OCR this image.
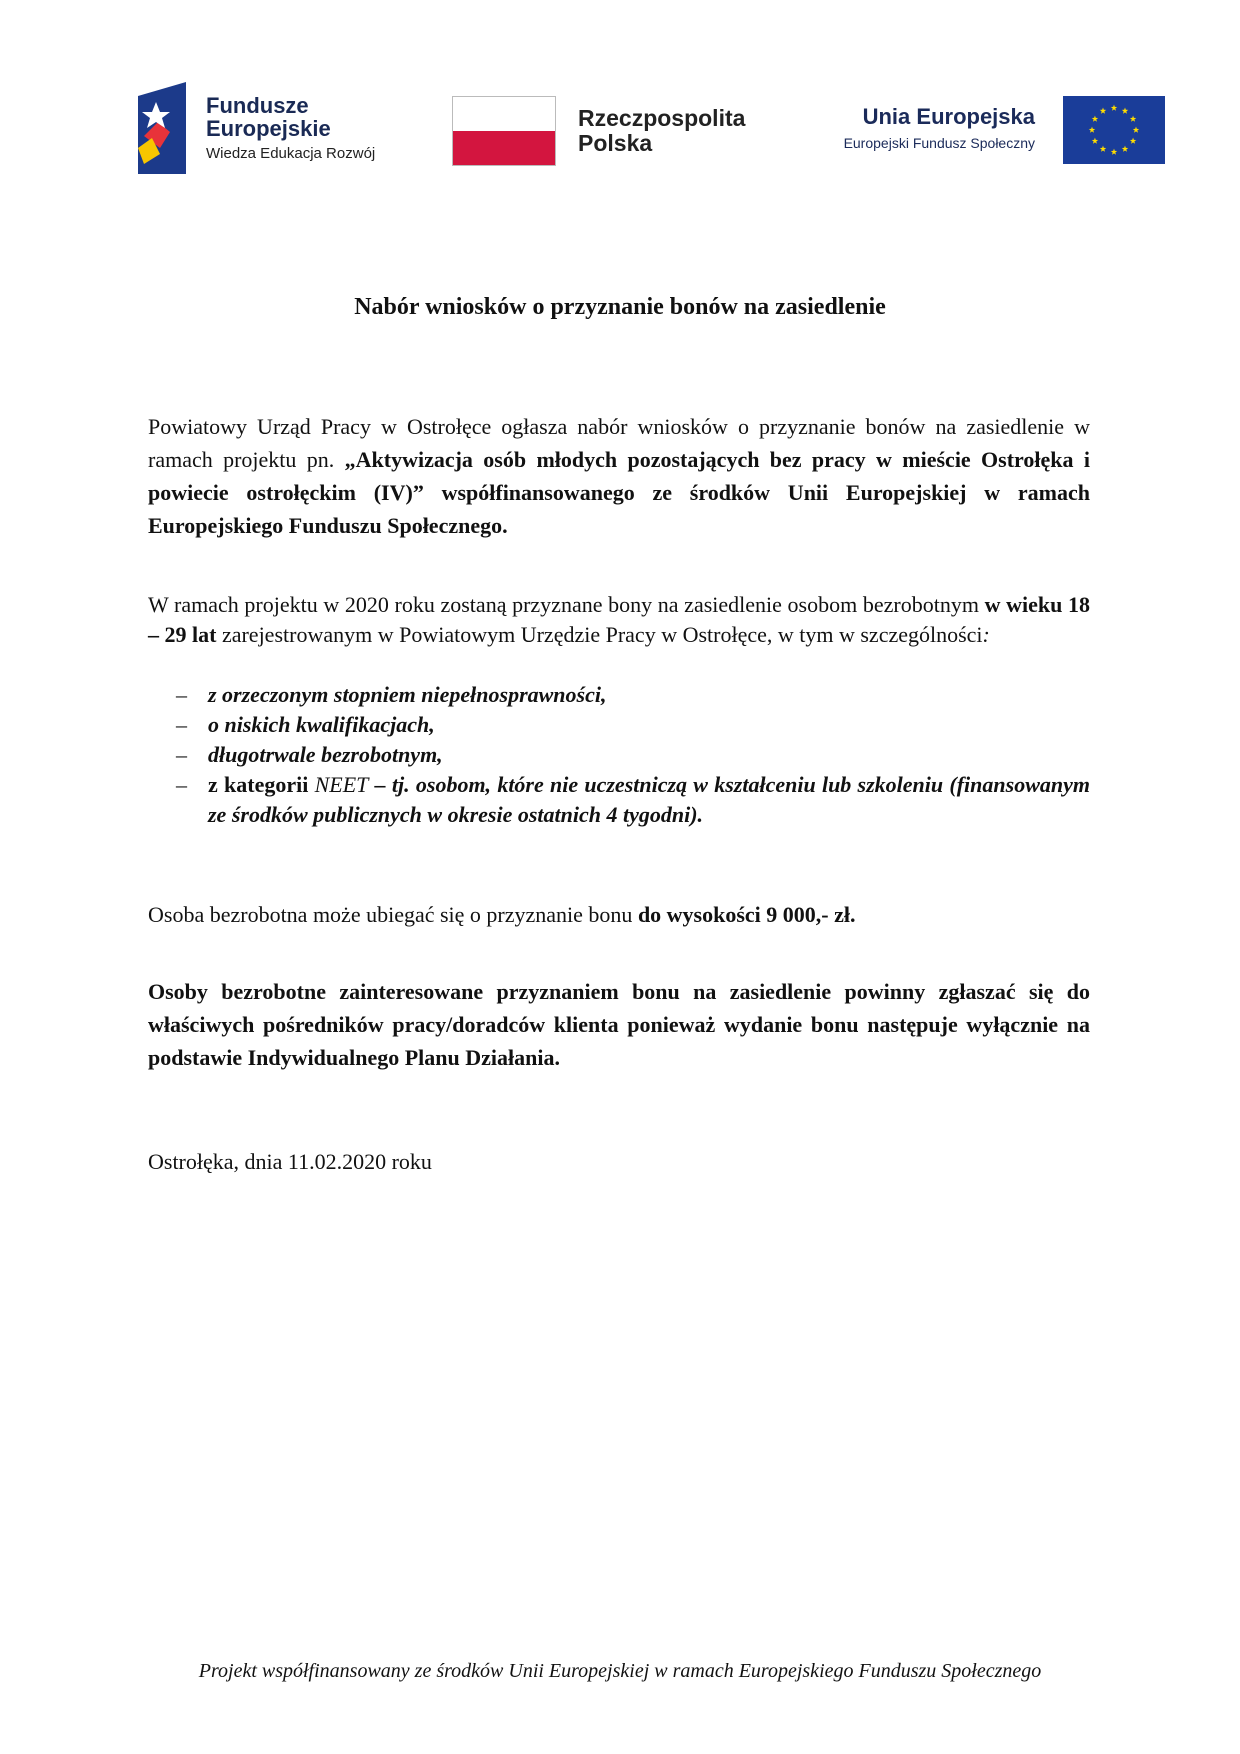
Fundusze
Europejskie
Wiedza Edukacja Rozwój
Rzeczpospolita
Polska
Unia Europejska
Europejski Fundusz Społeczny
Nabór wniosków o przyznanie bonów na zasiedlenie

Powiatowy Urząd Pracy w Ostrołęce ogłasza nabór wniosków o przyznanie bonów na zasiedlenie w ramach projektu pn. „Aktywizacja osób młodych pozostających bez pracy w mieście Ostrołęka i powiecie ostrołęckim (IV)” współfinansowanego ze środków Unii Europejskiej w ramach Europejskiego Funduszu Społecznego.

W ramach projektu w 2020 roku zostaną przyznane bony na zasiedlenie osobom bezrobotnym w wieku 18 – 29 lat zarejestrowanym w Powiatowym Urzędzie Pracy w Ostrołęce, w tym w szczególności:

– z orzeczonym stopniem niepełnosprawności,
– o niskich kwalifikacjach,
– długotrwale bezrobotnym,
– z kategorii NEET – tj. osobom, które nie uczestniczą w kształceniu lub szkoleniu (finansowanym ze środków publicznych w okresie ostatnich 4 tygodni).

Osoba bezrobotna może ubiegać się o przyznanie bonu do wysokości 9 000,- zł.

Osoby bezrobotne zainteresowane przyznaniem bonu na zasiedlenie powinny zgłaszać się do właściwych pośredników pracy/doradców klienta ponieważ wydanie bonu następuje wyłącznie na podstawie Indywidualnego Planu Działania.

Ostrołęka, dnia 11.02.2020 roku

Projekt współfinansowany ze środków Unii Europejskiej w ramach Europejskiego Funduszu Społecznego
